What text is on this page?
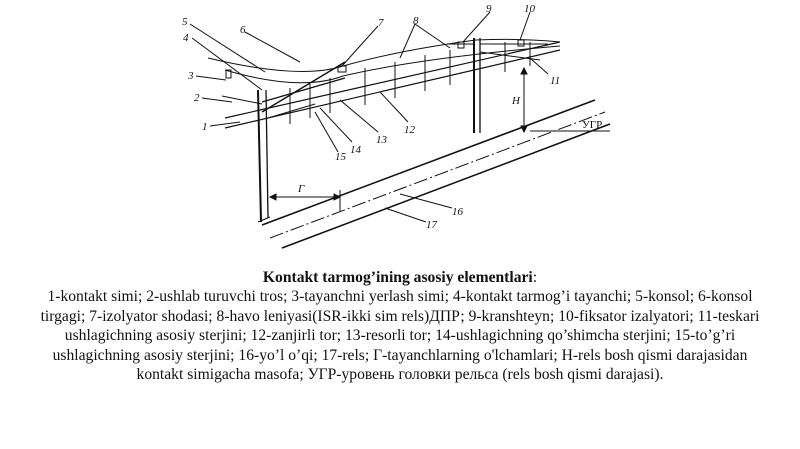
1
2
3
4
5
6
7	8
9	10
11
12
13
14
15
16
17
H
Г
УГР
Kontakt tarmog’ining asosiy elementlari:
1-kontakt simi; 2-ushlab turuvchi tros; 3-tayanchni yerlash simi; 4-kontakt tarmog’i tayanchi; 5-konsol; 6-konsol tirgagi; 7-izolyator shodasi; 8-havo leniyasi(ISR-ikki sim rels)ДПР; 9-kranshteyn; 10-fiksator izalyatori; 11-teskari ushlagichning asosiy sterjini; 12-zanjirli tor; 13-resorli tor; 14-ushlagichning qo’shimcha sterjini; 15-to’g’ri ushlagichning asosiy sterjini; 16-yo’l o’qi; 17-rels; Г-tayanchlarning o'lchamlari; H-rels bosh qismi darajasidan kontakt simigacha masofa; УГР-уровень головки рельса (rels bosh qismi darajasi).
